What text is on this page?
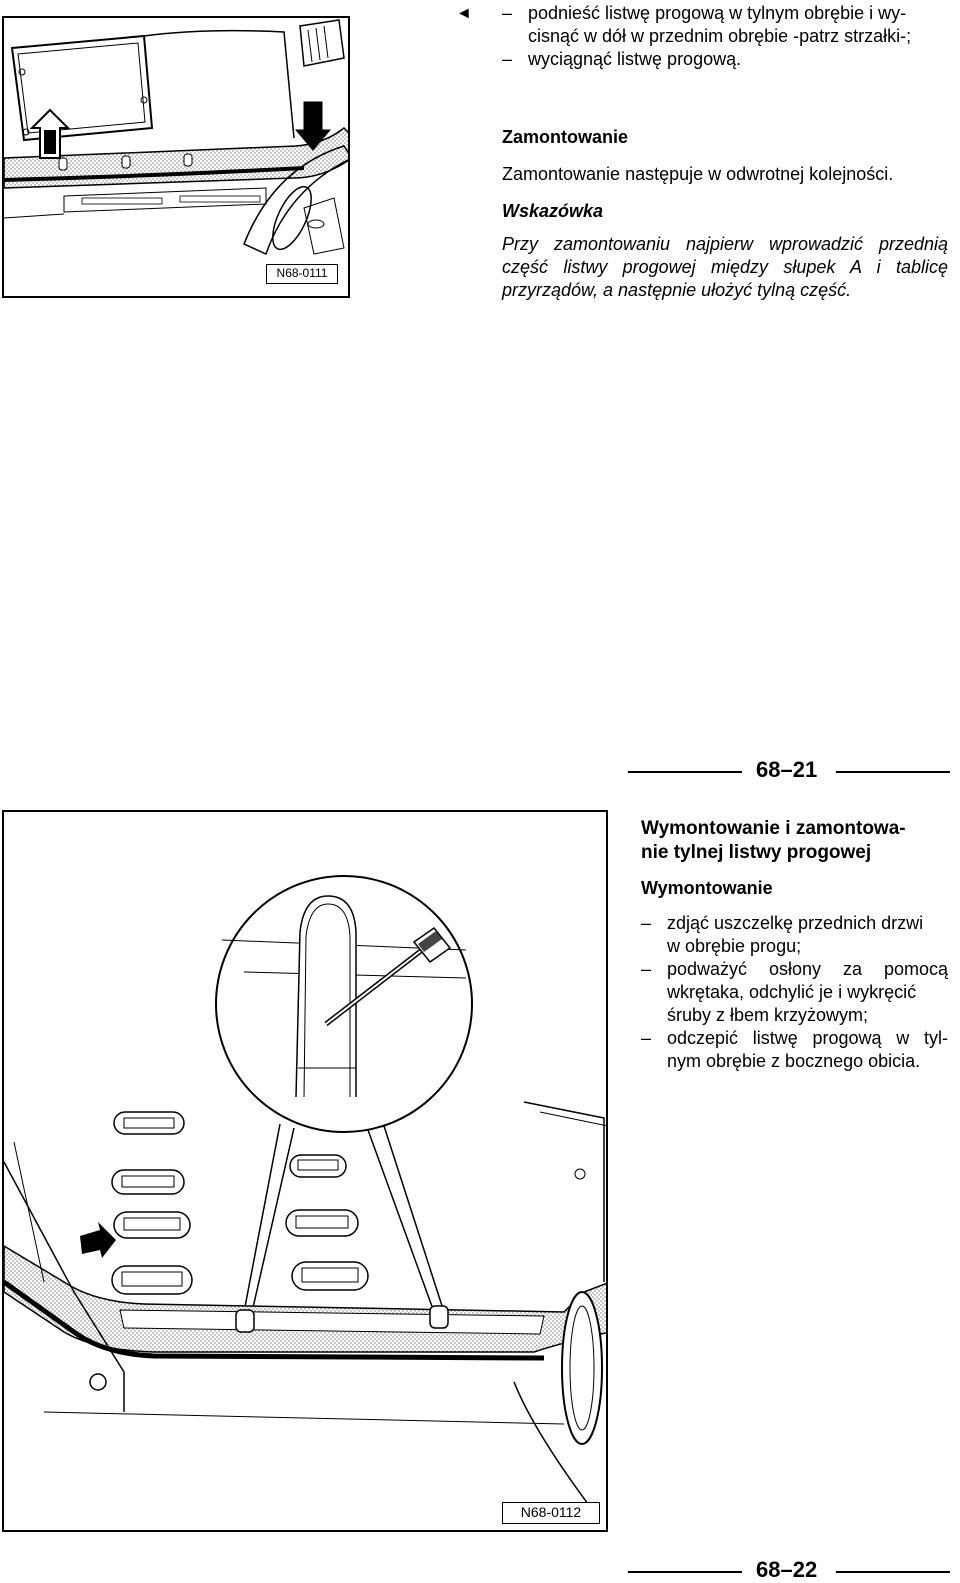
N68-0111
◄ – podnieść listwę progową w tylnym obrębie i wy-
cisnąć w dół w przednim obrębie -patrz strzałki-;
– wyciągnąć listwę progową.
Zamontowanie
Zamontowanie następuje w odwrotnej kolejności.
Wskazówka
Przy zamontowaniu najpierw wprowadzić przednią
część listwy progowej między słupek A i tablicę
przyrządów, a następnie ułożyć tylną część.
68–21
N68-0112
Wymontowanie i zamontowa-
nie tylnej listwy progowej
Wymontowanie
– zdjąć uszczelkę przednich drzwi
w obrębie progu;
– podważyć osłony za pomocą
wkrętaka, odchylić je i wykręcić
śruby z łbem krzyżowym;
– odczepić listwę progową w tyl-
nym obrębie z bocznego obicia.
68–22
